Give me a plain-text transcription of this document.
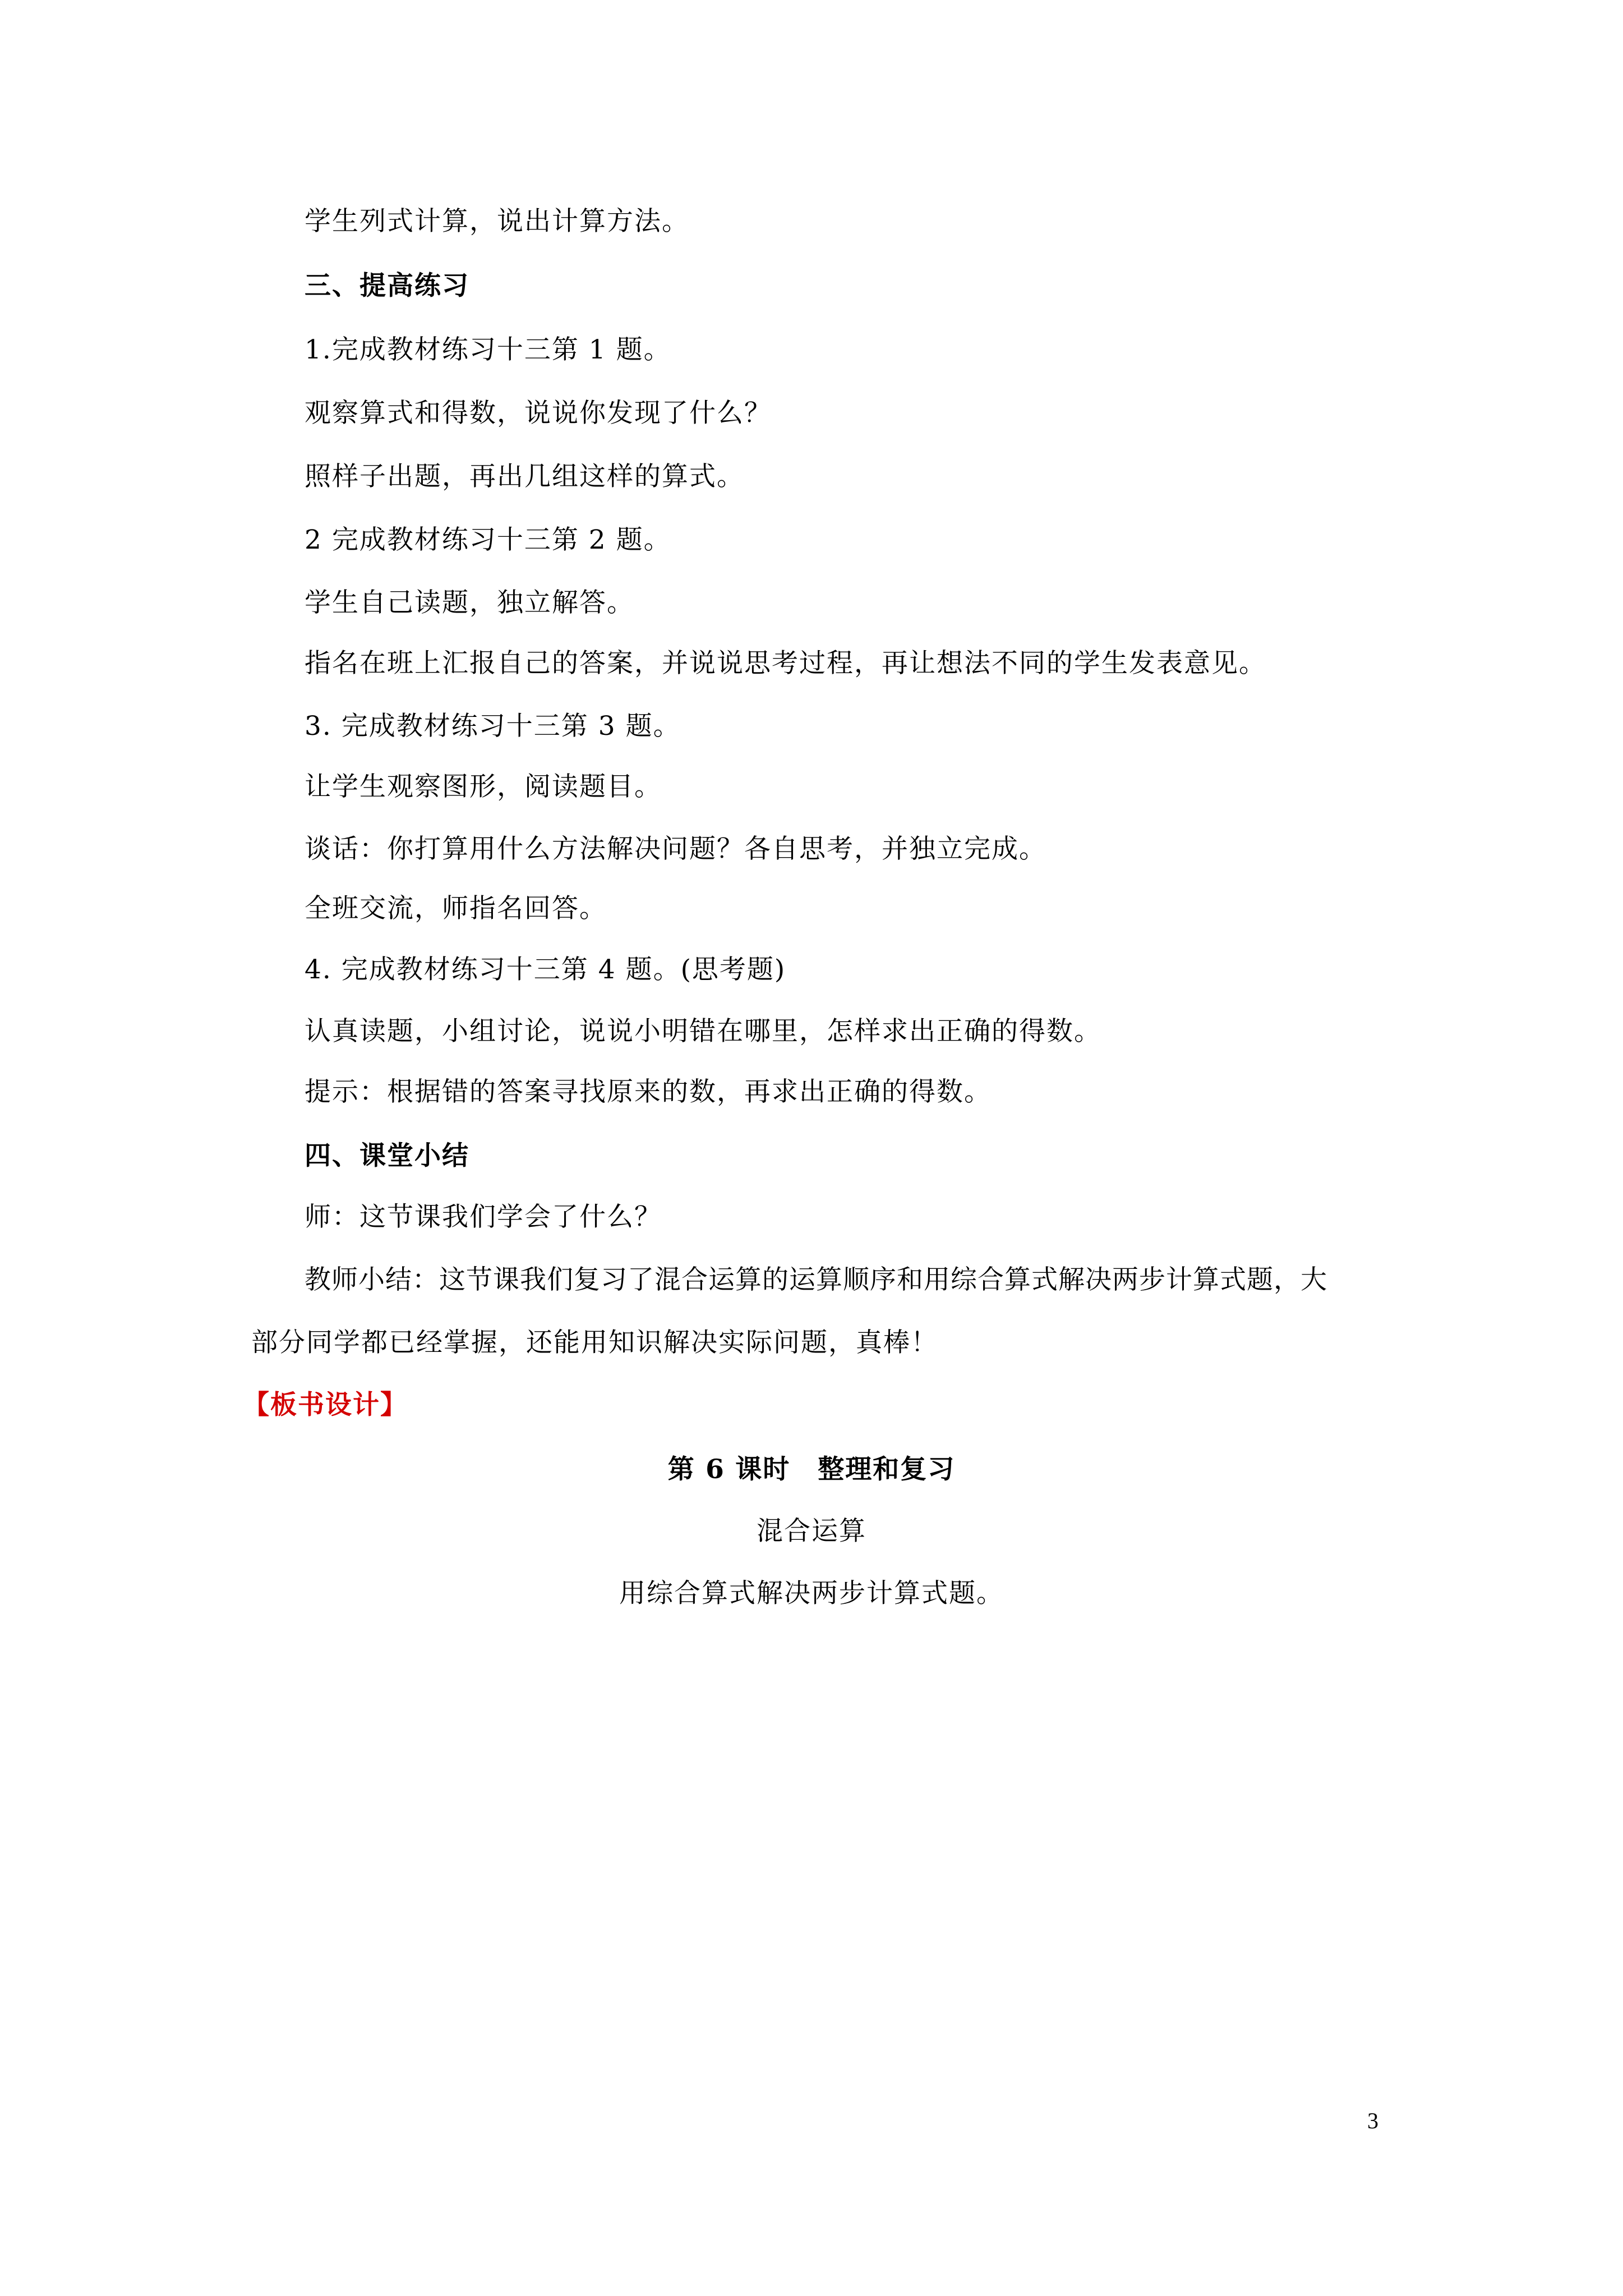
学生列式计算，说出计算方法。
三、提高练习
1.完成教材练习十三第 1 题。
观察算式和得数，说说你发现了什么？
照样子出题，再出几组这样的算式。
2 完成教材练习十三第 2 题。
学生自己读题，独立解答。
指名在班上汇报自己的答案，并说说思考过程，再让想法不同的学生发表意见。
3. 完成教材练习十三第 3 题。
让学生观察图形，阅读题目。
谈话：你打算用什么方法解决问题？各自思考，并独立完成。
全班交流，师指名回答。
4. 完成教材练习十三第 4 题。(思考题)
认真读题，小组讨论，说说小明错在哪里，怎样求出正确的得数。
提示：根据错的答案寻找原来的数，再求出正确的得数。
四、课堂小结
师：这节课我们学会了什么？
教师小结：这节课我们复习了混合运算的运算顺序和用综合算式解决两步计算式题，大
部分同学都已经掌握，还能用知识解决实际问题，真棒！
【板书设计】
第 6 课时　整理和复习
混合运算
用综合算式解决两步计算式题。
3
